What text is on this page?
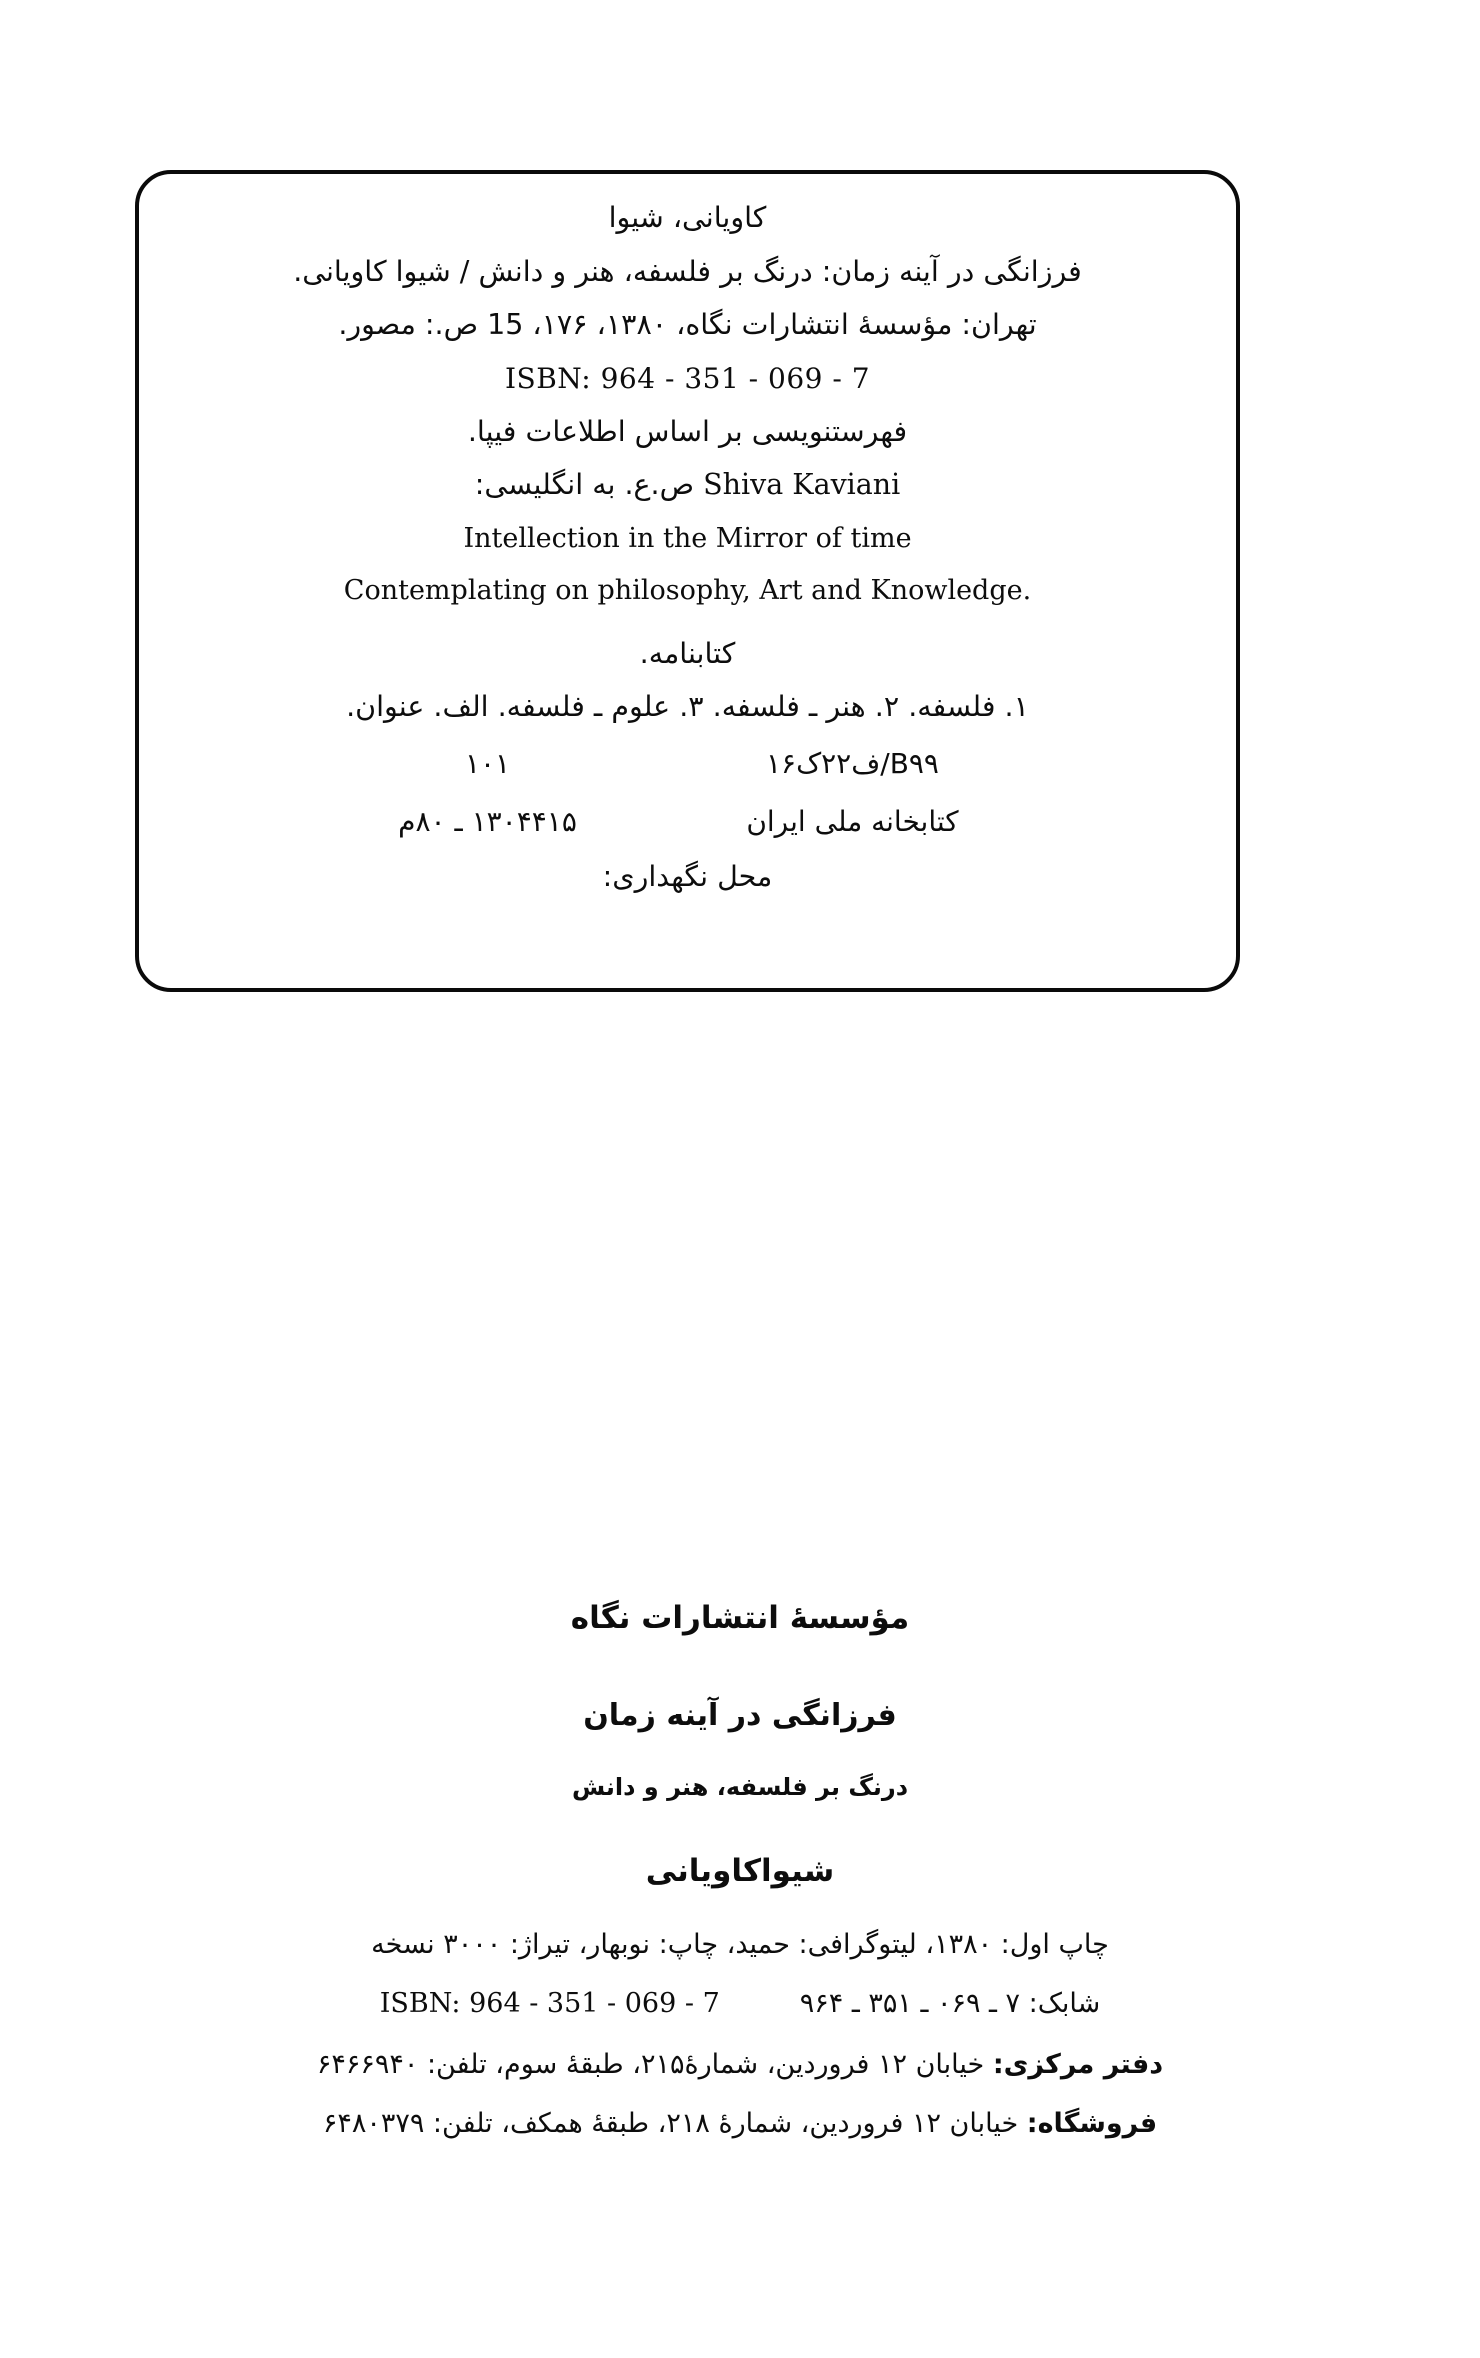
کاویانی، شیوا
فرزانگی در آینه زمان: درنگ بر فلسفه، هنر و دانش / شیوا کاویانی.
تهران: مؤسسهٔ انتشارات نگاه، ۱۳۸۰، ۱۷۶، 15 ص.: مصور.
ISBN: 964 - 351 - 069 - 7
فهرستنویسی بر اساس اطلاعات فیپا.
Shiva Kaviani ص.ع. به انگلیسی:
Intellection in the Mirror of time
Contemplating on philosophy, Art and Knowledge.
کتابنامه.
۱. فلسفه. ۲. هنر ـ فلسفه. ۳. علوم ـ فلسفه. الف. عنوان.
B۹۹/ف۲۲ک۱۶
۱۰۱
کتابخانه ملی ایران
۱۳۰۴۴۱۵ ـ ۸۰م
محل نگهداری:
مؤسسهٔ انتشارات نگاه
فرزانگی در آینه زمان
درنگ بر فلسفه، هنر و دانش
شیواکاویانی
چاپ اول: ۱۳۸۰، لیتوگرافی: حمید، چاپ: نوبهار، تیراژ: ۳۰۰۰ نسخه
شابک: ۷ ـ ۰۶۹ ـ ۳۵۱ ـ ۹۶۴
ISBN: 964 - 351 - 069 - 7
دفتر مرکزی: خیابان ۱۲ فروردین، شمارهٔ۲۱۵، طبقهٔ سوم، تلفن: ۶۴۶۶۹۴۰
فروشگاه: خیابان ۱۲ فروردین، شمارهٔ ۲۱۸، طبقهٔ همکف، تلفن: ۶۴۸۰۳۷۹
